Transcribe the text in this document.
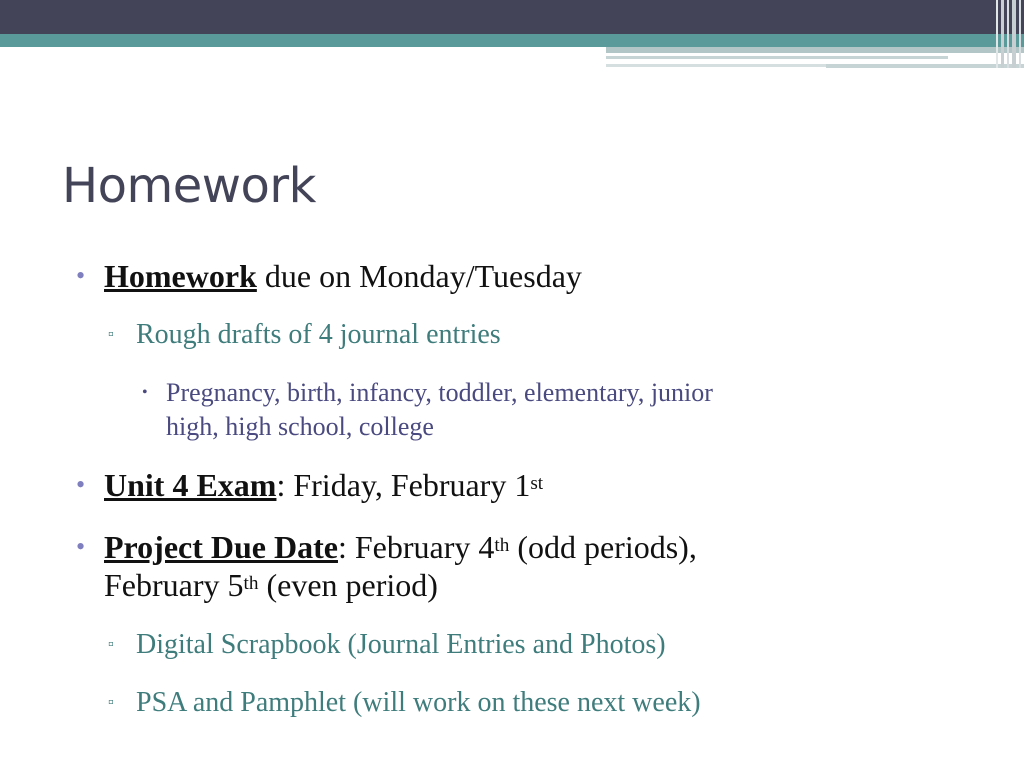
Homework
• Homework due on Monday/Tuesday
▫ Rough drafts of 4 journal entries
• Pregnancy, birth, infancy, toddler, elementary, junior
high, high school, college
• Unit 4 Exam: Friday, February 1st
• Project Due Date: February 4th (odd periods),
February 5th (even period)
▫ Digital Scrapbook (Journal Entries and Photos)
▫ PSA and Pamphlet (will work on these next week)
